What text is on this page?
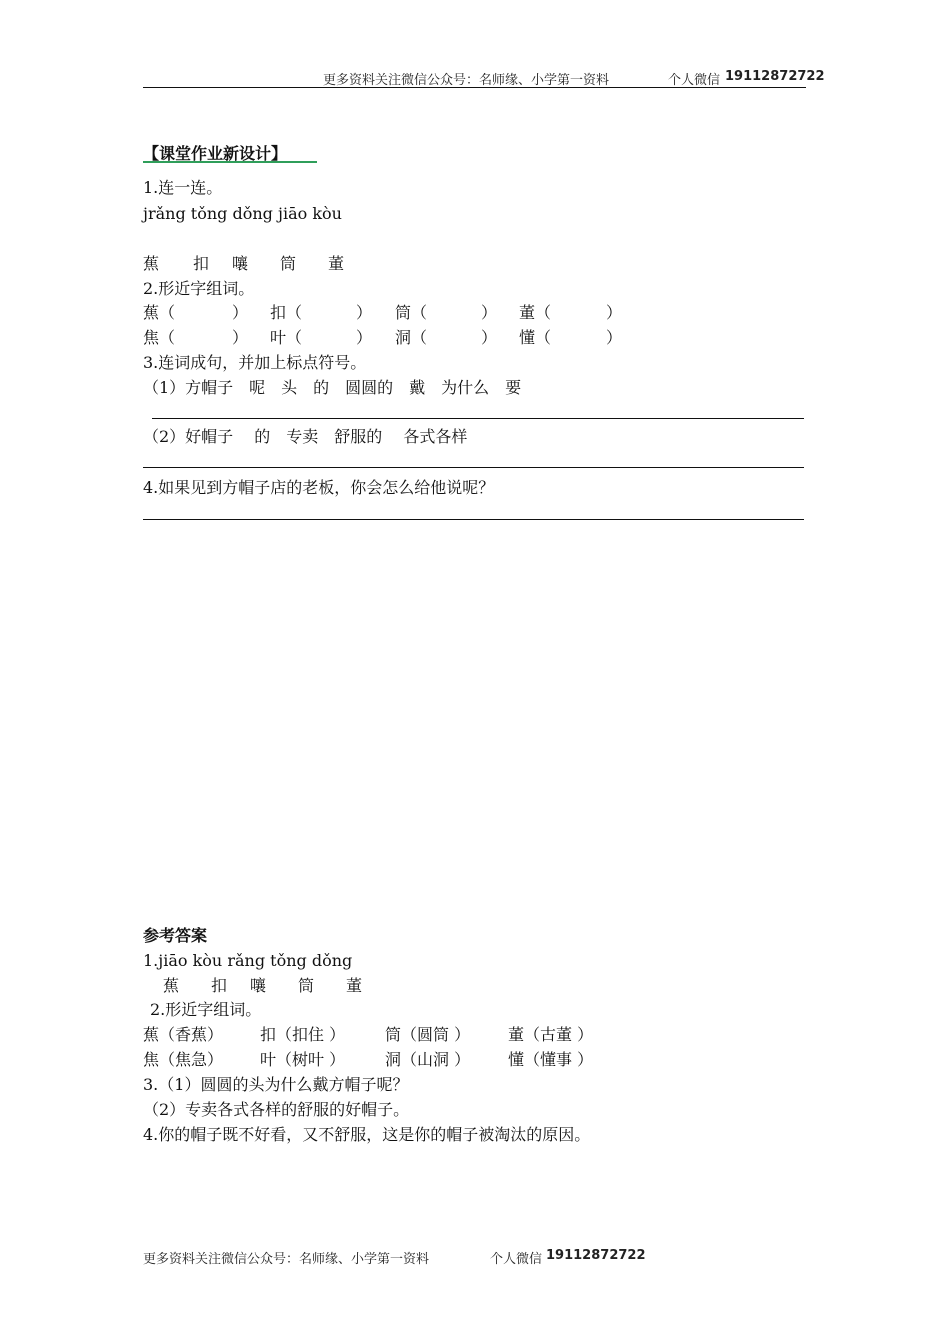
更多资料关注微信公众号：名师缘、小学第一资料	个人微信 19112872722
【课堂作业新设计】
1.连一连。
jrǎng tǒng dǒng jiāo kòu
蕉 扣 嚷 筒 董
2.形近字组词。
蕉（	） 扣（	） 筒（	） 董（	）
焦（	） 叶（	） 洞（	） 懂（	）
3.连词成句，并加上标点符号。
（1）方帽子　呢　头　的　圆圆的　戴　为什么　要
（2）好帽子　 的　专卖　舒服的　 各式各样
4.如果见到方帽子店的老板，你会怎么给他说呢？
参考答案
1.jiāo kòu rǎng tǒng dǒng
蕉 扣 嚷 筒 董
2.形近字组词。
蕉（香蕉） 扣（扣住 ） 筒（圆筒 ） 董（古董 ）
焦（焦急） 叶（树叶 ） 洞（山洞 ） 懂（懂事 ）
3.（1）圆圆的头为什么戴方帽子呢？
（2）专卖各式各样的舒服的好帽子。
4.你的帽子既不好看，又不舒服，这是你的帽子被淘汰的原因。
更多资料关注微信公众号：名师缘、小学第一资料	个人微信 19112872722
